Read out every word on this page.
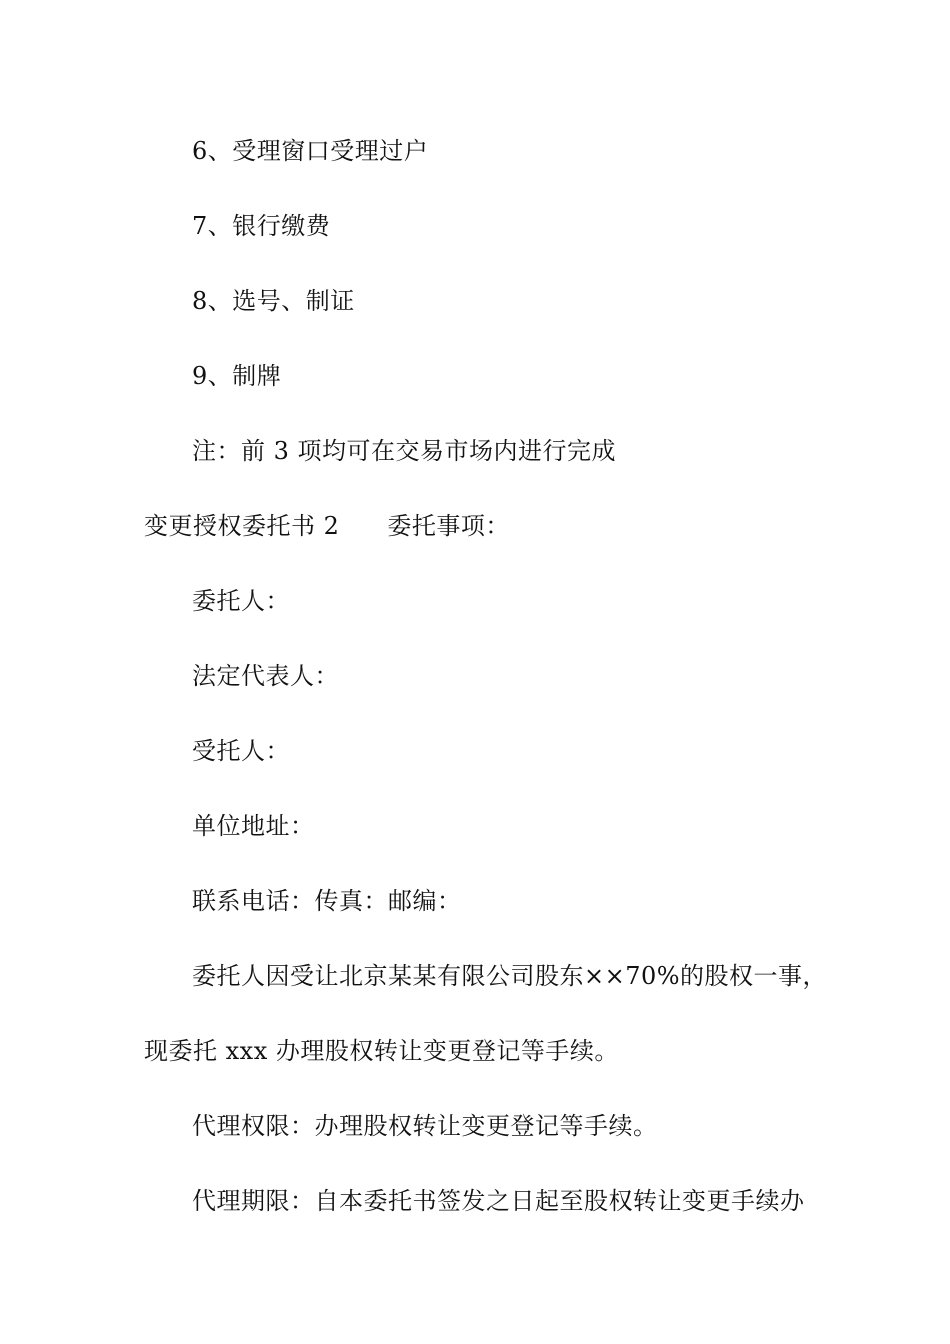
6、受理窗口受理过户
7、银行缴费
8、选号、制证
9、制牌
注：前 3 项均可在交易市场内进行完成
变更授权委托书 2 委托事项：
委托人：
法定代表人：
受托人：
单位地址：
联系电话：传真：邮编：
委托人因受让北京某某有限公司股东××70%的股权一事，
现委托 xxx 办理股权转让变更登记等手续。
代理权限：办理股权转让变更登记等手续。
代理期限：自本委托书签发之日起至股权转让变更手续办
